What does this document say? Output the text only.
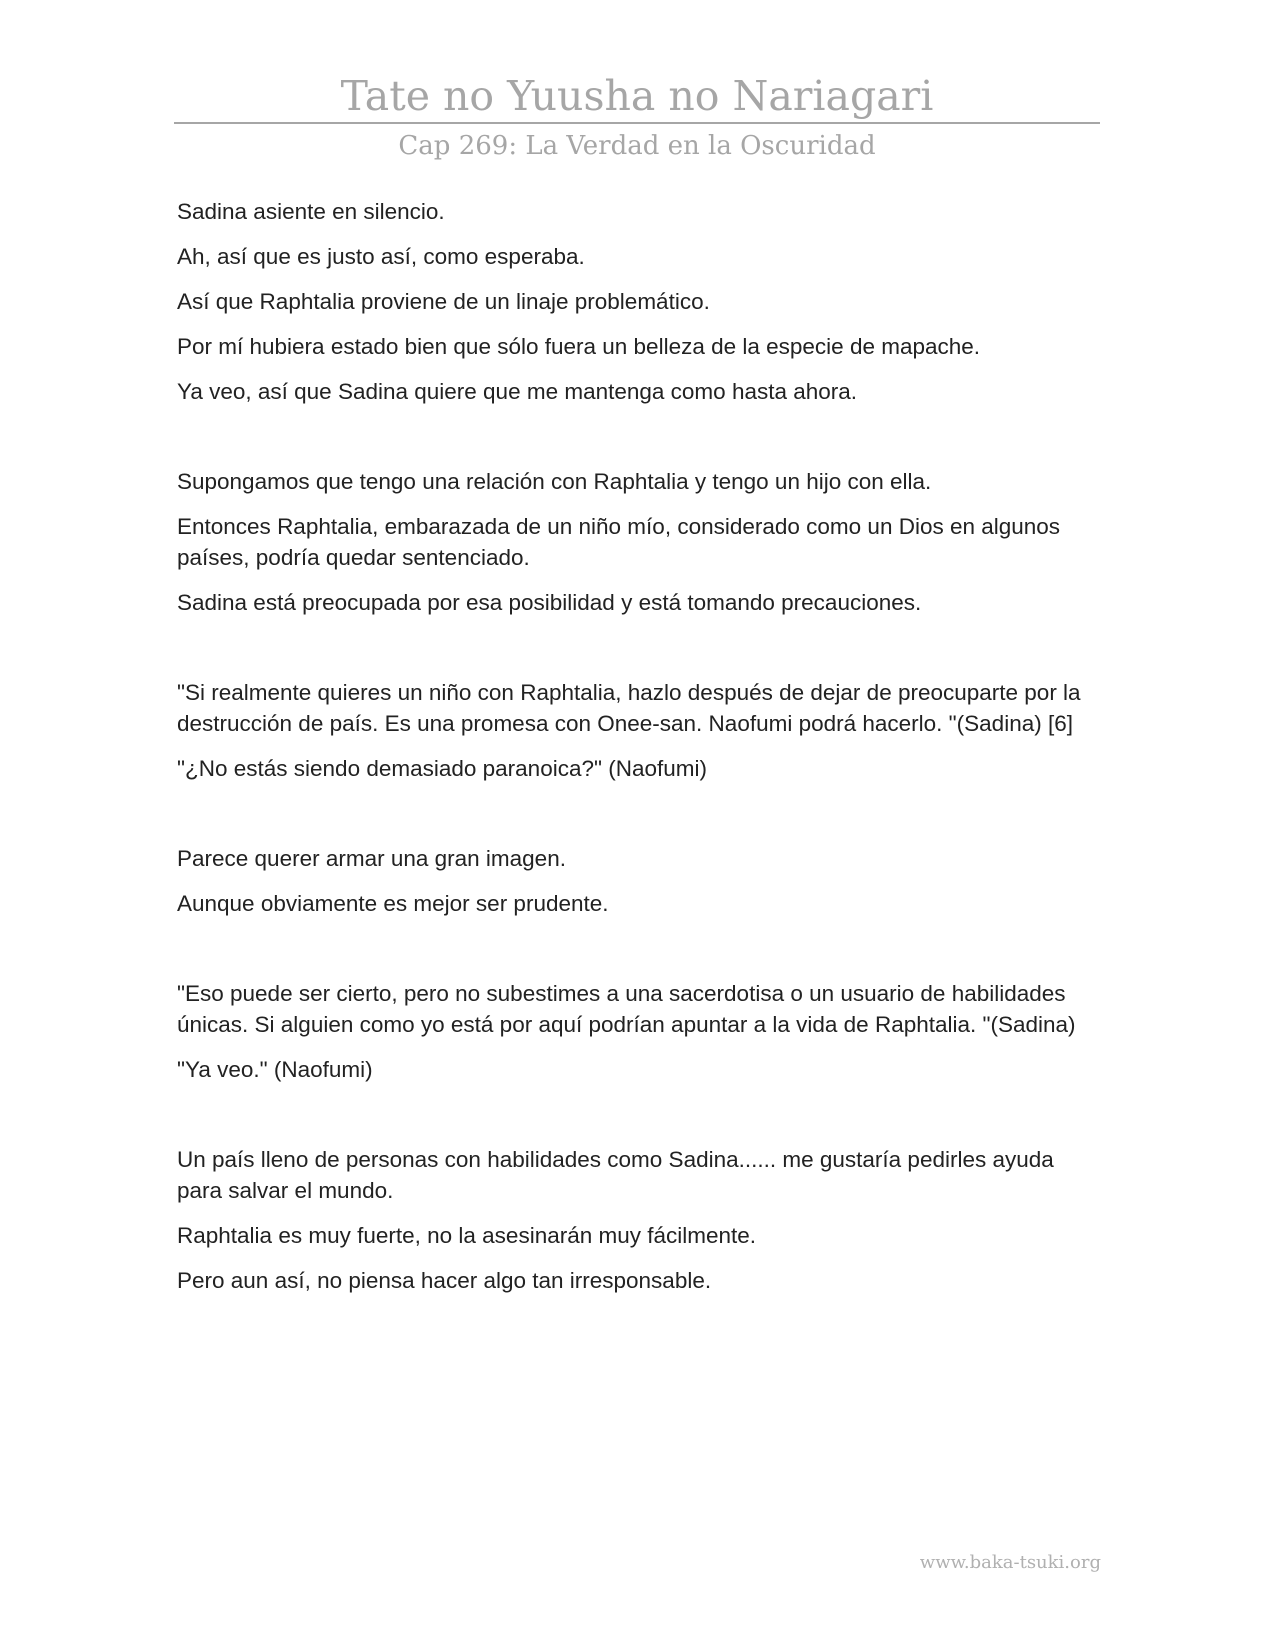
Tate no Yuusha no Nariagari
Cap 269: La Verdad en la Oscuridad

Sadina asiente en silencio.

Ah, así que es justo así, como esperaba.

Así que Raphtalia proviene de un linaje problemático.

Por mí hubiera estado bien que sólo fuera un belleza de la especie de mapache.

Ya veo, así que Sadina quiere que me mantenga como hasta ahora.

Supongamos que tengo una relación con Raphtalia y tengo un hijo con ella.

Entonces Raphtalia, embarazada de un niño mío, considerado como un Dios en algunos países, podría quedar sentenciado.

Sadina está preocupada por esa posibilidad y está tomando precauciones.

"Si realmente quieres un niño con Raphtalia, hazlo después de dejar de preocuparte por la destrucción de país. Es una promesa con Onee-san. Naofumi podrá hacerlo. "(Sadina) [6]

"¿No estás siendo demasiado paranoica?" (Naofumi)

Parece querer armar una gran imagen.

Aunque obviamente es mejor ser prudente.

"Eso puede ser cierto, pero no subestimes a una sacerdotisa o un usuario de habilidades únicas. Si alguien como yo está por aquí podrían apuntar a la vida de Raphtalia. "(Sadina)

"Ya veo." (Naofumi)

Un país lleno de personas con habilidades como Sadina...... me gustaría pedirles ayuda para salvar el mundo.

Raphtalia es muy fuerte, no la asesinarán muy fácilmente.

Pero aun así, no piensa hacer algo tan irresponsable.

www.baka-tsuki.org
